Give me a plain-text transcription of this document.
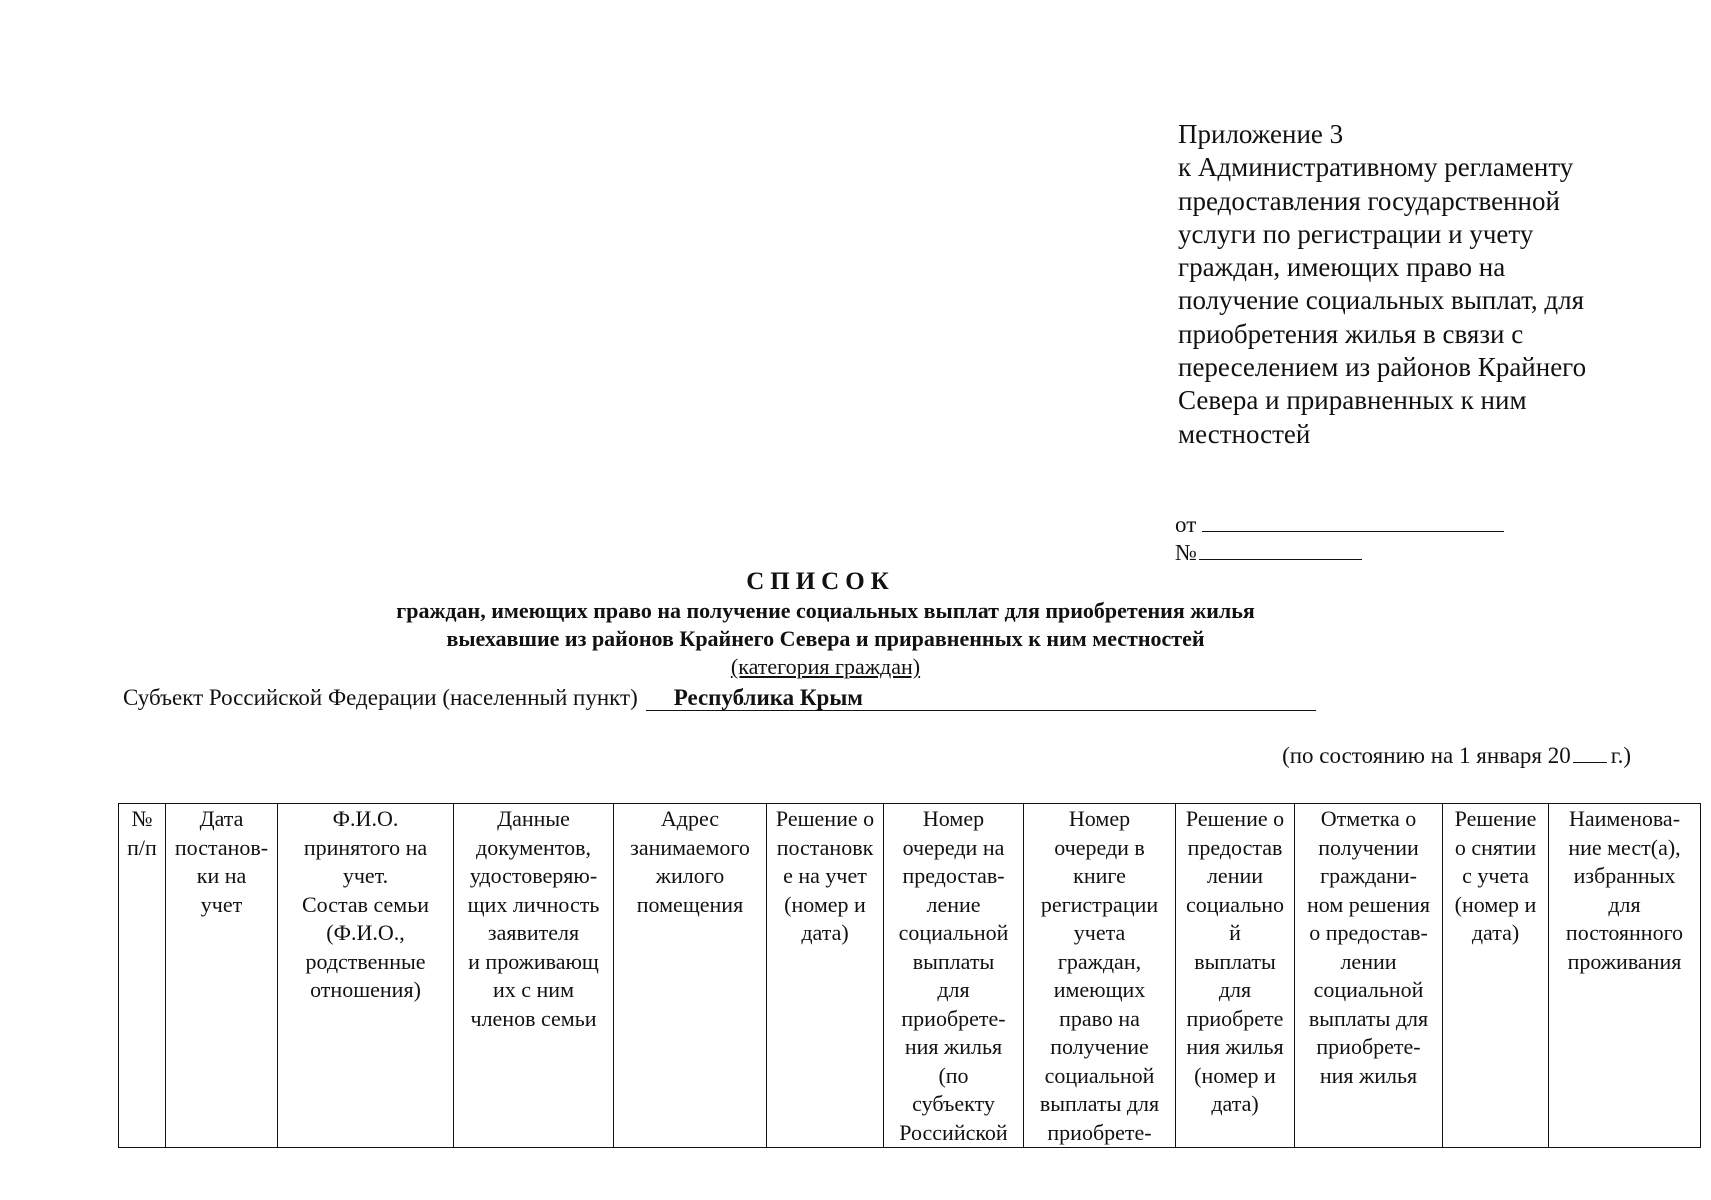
Приложение 3
к Административному регламенту
предоставления государственной
услуги по регистрации и учету
граждан, имеющих право на
получение социальных выплат, для
приобретения жилья в связи с
переселением из районов Крайнего
Севера и приравненных к ним
местностей
от
№
СПИСОК
граждан, имеющих право на получение социальных выплат для приобретения жилья
выехавшие из районов Крайнего Севера и приравненных к ним местностей
(категория граждан)
Субъект Российской Федерации (населенный пункт) Республика Крым
(по состоянию на 1 января 20 г.)
№
п/п

Дата
постанов-
ки на
учет

Ф.И.О.
принятого на
учет.
Состав семьи
(Ф.И.О.,
родственные
отношения)

Данные
документов,
удостоверяю-
щих личность
заявителя
и проживающ
их с ним
членов семьи

Адрес
занимаемого
жилого
помещения

Решение о
постановк
е на учет
(номер и
дата)

Номер
очереди на
предостав-
ление
социальной
выплаты
для
приобрете-
ния жилья
(по
субъекту
Российской

Номер
очереди в
книге
регистрации
учета
граждан,
имеющих
право на
получение
социальной
выплаты для
приобрете-

Решение о
предостав
лении
социально
й
выплаты
для
приобрете
ния жилья
(номер и
дата)

Отметка о
получении
граждани-
ном решения
о предостав-
лении
социальной
выплаты для
приобрете-
ния жилья

Решение
о снятии
с учета
(номер и
дата)

Наименова-
ние мест(а),
избранных
для
постоянного
проживания
